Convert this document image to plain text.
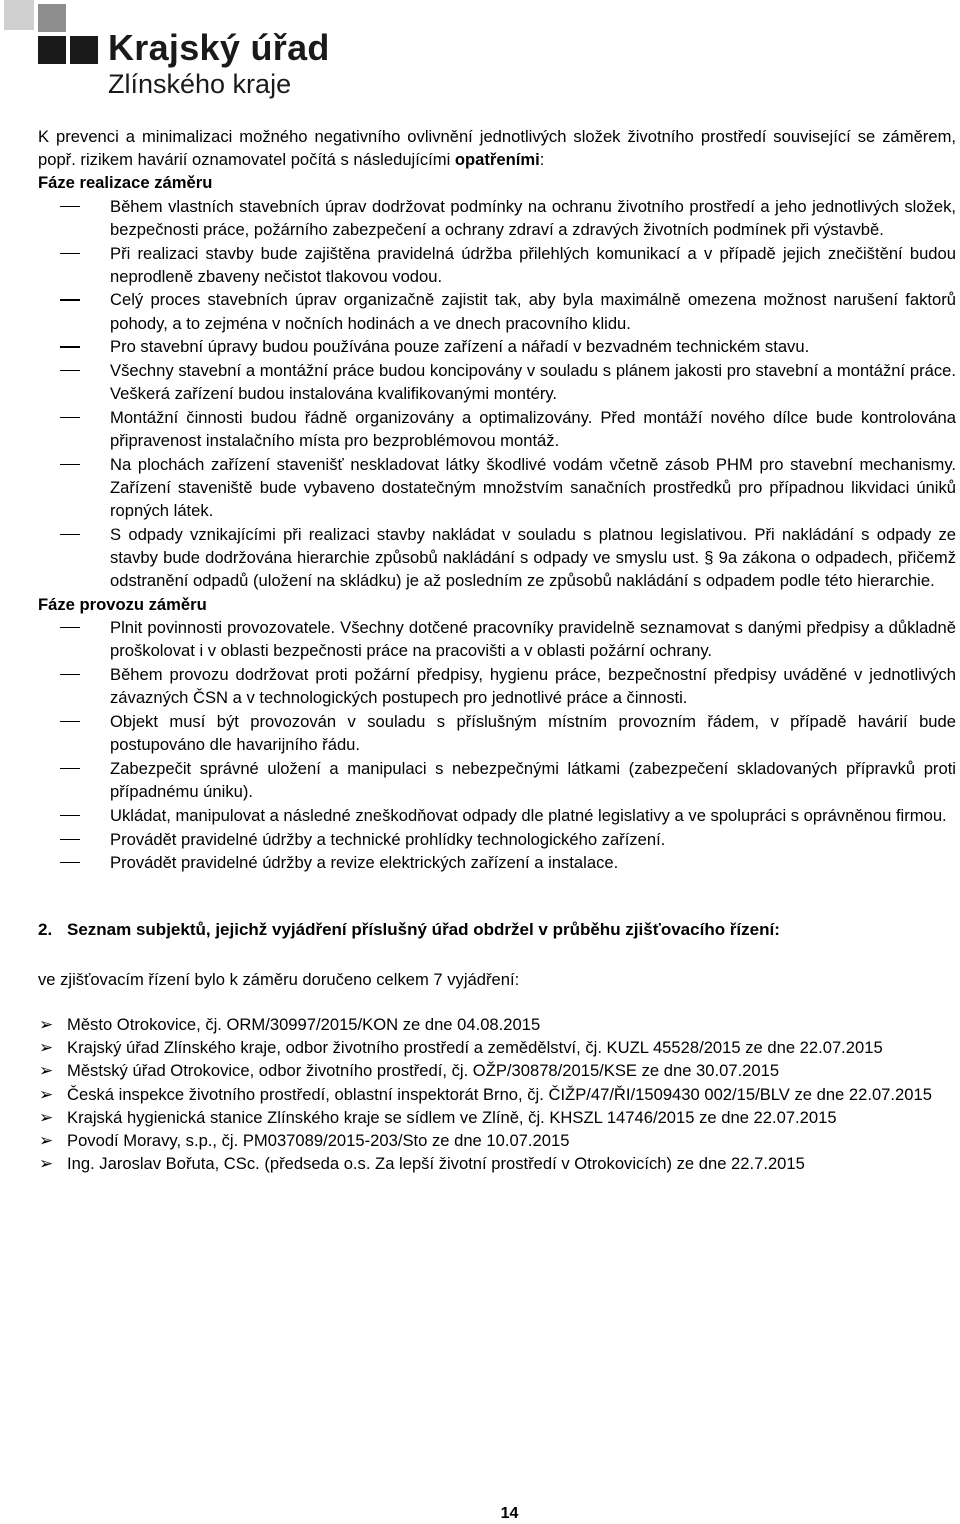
Krajský úřad
Zlínského kraje

K prevenci a minimalizaci možného negativního ovlivnění jednotlivých složek životního prostředí související se záměrem, popř. rizikem havárií oznamovatel počítá s následujícími opatřeními:

Fáze realizace záměru

Během vlastních stavebních úprav dodržovat podmínky na ochranu životního prostředí a jeho jednotlivých složek, bezpečnosti práce, požárního zabezpečení a ochrany zdraví a zdravých životních podmínek při výstavbě.
Při realizaci stavby bude zajištěna pravidelná údržba přilehlých komunikací a v případě jejich znečištění budou neprodleně zbaveny nečistot tlakovou vodou.
Celý proces stavebních úprav organizačně zajistit tak, aby byla maximálně omezena možnost narušení faktorů pohody, a to zejména v nočních hodinách a ve dnech pracovního klidu.
Pro stavební úpravy budou používána pouze zařízení a nářadí v bezvadném technickém stavu.
Všechny stavební a montážní práce budou koncipovány v souladu s plánem jakosti pro stavební a montážní práce. Veškerá zařízení budou instalována kvalifikovanými montéry.
Montážní činnosti budou řádně organizovány a optimalizovány. Před montáží nového dílce bude kontrolována připravenost instalačního místa pro bezproblémovou montáž.
Na plochách zařízení stavenišť neskladovat látky škodlivé vodám včetně zásob PHM pro stavební mechanismy. Zařízení staveniště bude vybaveno dostatečným množstvím sanačních prostředků pro případnou likvidaci úniků ropných látek.
S odpady vznikajícími při realizaci stavby nakládat v souladu s platnou legislativou. Při nakládání s odpady ze stavby bude dodržována hierarchie způsobů nakládání s odpady ve smyslu ust. § 9a zákona o odpadech, přičemž odstranění odpadů (uložení na skládku) je až posledním ze způsobů nakládání s odpadem podle této hierarchie.

Fáze provozu záměru

Plnit povinnosti provozovatele. Všechny dotčené pracovníky pravidelně seznamovat s danými předpisy a důkladně proškolovat i v oblasti bezpečnosti práce na pracovišti a v oblasti požární ochrany.
Během provozu dodržovat proti požární předpisy, hygienu práce, bezpečnostní předpisy uváděné v jednotlivých závazných ČSN a v technologických postupech pro jednotlivé práce a činnosti.
Objekt musí být provozován v souladu s příslušným místním provozním řádem, v případě havárií bude postupováno dle havarijního řádu.
Zabezpečit správné uložení a manipulaci s nebezpečnými látkami (zabezpečení skladovaných přípravků proti případnému úniku).
Ukládat, manipulovat a následné zneškodňovat odpady dle platné legislativy a ve spolupráci s oprávněnou firmou.
Provádět pravidelné údržby a technické prohlídky technologického zařízení.
Provádět pravidelné údržby a revize elektrických zařízení a instalace.

2. Seznam subjektů, jejichž vyjádření příslušný úřad obdržel v průběhu zjišťovacího řízení:

ve zjišťovacím řízení bylo k záměru doručeno celkem 7 vyjádření:

➢ Město Otrokovice, čj. ORM/30997/2015/KON ze dne 04.08.2015
➢ Krajský úřad Zlínského kraje, odbor životního prostředí a zemědělství, čj. KUZL 45528/2015 ze dne 22.07.2015
➢ Městský úřad Otrokovice, odbor životního prostředí, čj. OŽP/30878/2015/KSE ze dne 30.07.2015
➢ Česká inspekce životního prostředí, oblastní inspektorát Brno, čj. ČIŽP/47/ŘI/1509430 002/15/BLV ze dne 22.07.2015
➢ Krajská hygienická stanice Zlínského kraje se sídlem ve Zlíně, čj. KHSZL 14746/2015 ze dne 22.07.2015
➢ Povodí Moravy, s.p., čj. PM037089/2015-203/Sto ze dne 10.07.2015
➢ Ing. Jaroslav Bořuta, CSc. (předseda o.s. Za lepší životní prostředí v Otrokovicích) ze dne 22.7.2015
14
